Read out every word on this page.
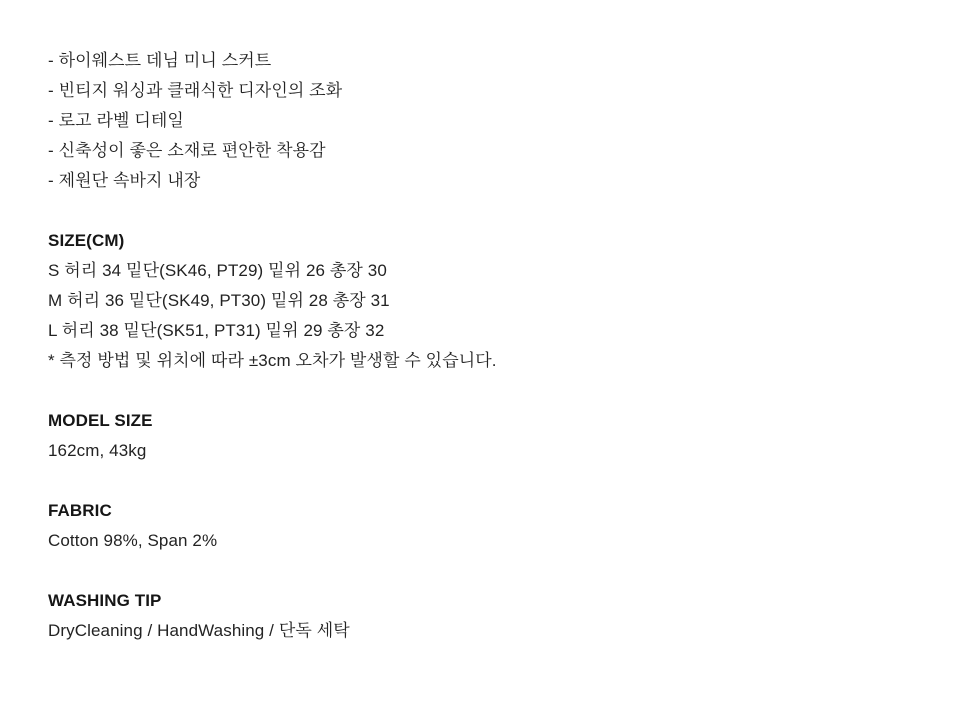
- 하이웨스트 데님 미니 스커트
- 빈티지 워싱과 클래식한 디자인의 조화
- 로고 라벨 디테일
- 신축성이 좋은 소재로 편안한 착용감
- 제원단 속바지 내장
SIZE(CM)
S 허리 34 밑단(SK46, PT29) 밑위 26 총장 30
M 허리 36 밑단(SK49, PT30) 밑위 28 총장 31
L 허리 38 밑단(SK51, PT31) 밑위 29 총장 32
* 측정 방법 및 위치에 따라 ±3cm 오차가 발생할 수 있습니다.
MODEL SIZE
162cm, 43kg
FABRIC
Cotton 98%, Span 2%
WASHING TIP
DryCleaning / HandWashing / 단독 세탁
